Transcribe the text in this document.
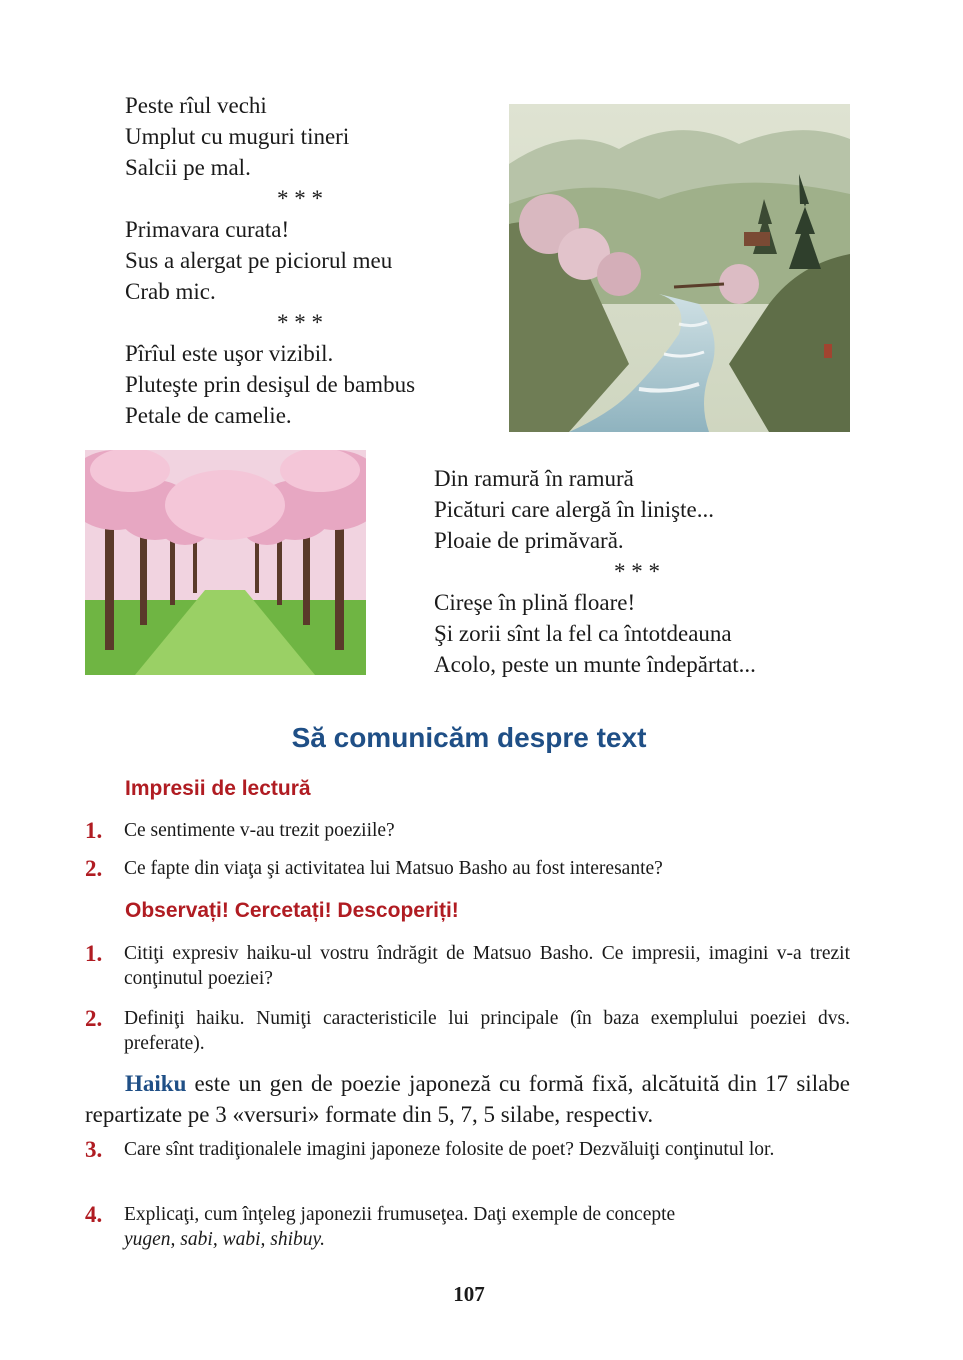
Peste rîul vechi
Umplut cu muguri tineri
Salcii pe mal.
* * *
Primavara curata!
Sus a alergat pe piciorul meu
Crab mic.
* * *
Pîrîul este uşor vizibil.
Pluteşte prin desişul de bambus
Petale de camelie.
Din ramură în ramură
Picături care alergă în linişte...
Ploaie de primăvară.
* * *
Cireşe în plină floare!
Şi zorii sînt la fel ca întotdeauna
Acolo, peste un munte îndepărtat...
Să comunicăm despre text
Impresii de lectură
1. Ce sentimente v-au trezit poeziile?
2. Ce fapte din viaţa şi activitatea lui Matsuo Basho au fost interesante?
Observați! Cercetați! Descoperiți!
1. Citiţi expresiv haiku-ul vostru îndrăgit de Matsuo Basho. Ce impresii, imagini v-a trezit conţinutul poeziei?
2. Definiţi haiku. Numiţi caracteristicile lui principale (în baza exemplului poeziei dvs. preferate).
Haiku este un gen de poezie japoneză cu formă fixă, alcătuită din 17 silabe repartizate pe 3 «versuri» formate din 5, 7, 5 silabe, respectiv.
3. Care sînt tradiţionalele imagini japoneze folosite de poet? Dezvăluiţi conţinutul lor.
4. Explicaţi, cum înţeleg japonezii frumuseţea. Daţi exemple de concepte
yugen, sabi, wabi, shibuy.
107
